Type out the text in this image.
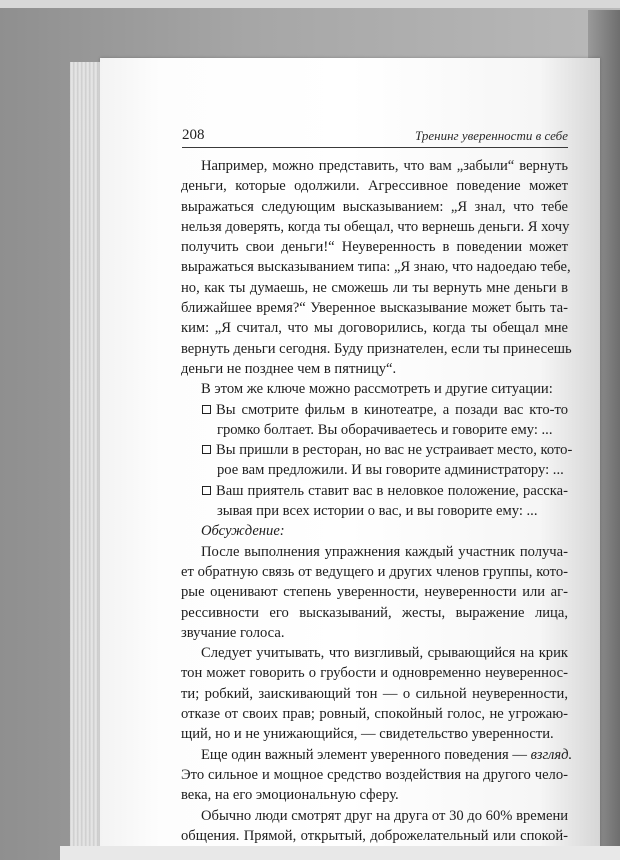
208	Тренинг уверенности в себе
Например, можно представить, что вам „забыли“ вернуть
деньги, которые одолжили. Агрессивное поведение может
выражаться следующим высказыванием: „Я знал, что тебе
нельзя доверять, когда ты обещал, что вернешь деньги. Я хочу
получить свои деньги!“ Неуверенность в поведении может
выражаться высказыванием типа: „Я знаю, что надоедаю тебе,
но, как ты думаешь, не сможешь ли ты вернуть мне деньги в
ближайшее время?“ Уверенное высказывание может быть та-
ким: „Я считал, что мы договорились, когда ты обещал мне
вернуть деньги сегодня. Буду признателен, если ты принесешь
деньги не позднее чем в пятницу“.
В этом же ключе можно рассмотреть и другие ситуации:
Вы смотрите фильм в кинотеатре, а позади вас кто-то
громко болтает. Вы оборачиваетесь и говорите ему: ...
Вы пришли в ресторан, но вас не устраивает место, кото-
рое вам предложили. И вы говорите администратору: ...
Ваш приятель ставит вас в неловкое положение, расска-
зывая при всех истории о вас, и вы говорите ему: ...
Обсуждение:
После выполнения упражнения каждый участник получа-
ет обратную связь от ведущего и других членов группы, кото-
рые оценивают степень уверенности, неуверенности или аг-
рессивности его высказываний, жесты, выражение лица,
звучание голоса.
Следует учитывать, что визгливый, срывающийся на крик
тон может говорить о грубости и одновременно неувереннос-
ти; робкий, заискивающий тон — о сильной неуверенности,
отказе от своих прав; ровный, спокойный голос, не угрожаю-
щий, но и не унижающийся, — свидетельство уверенности.
Еще один важный элемент уверенного поведения — взгляд.
Это сильное и мощное средство воздействия на другого чело-
века, на его эмоциональную сферу.
Обычно люди смотрят друг на друга от 30 до 60% времени
общения. Прямой, открытый, доброжелательный или спокой-
